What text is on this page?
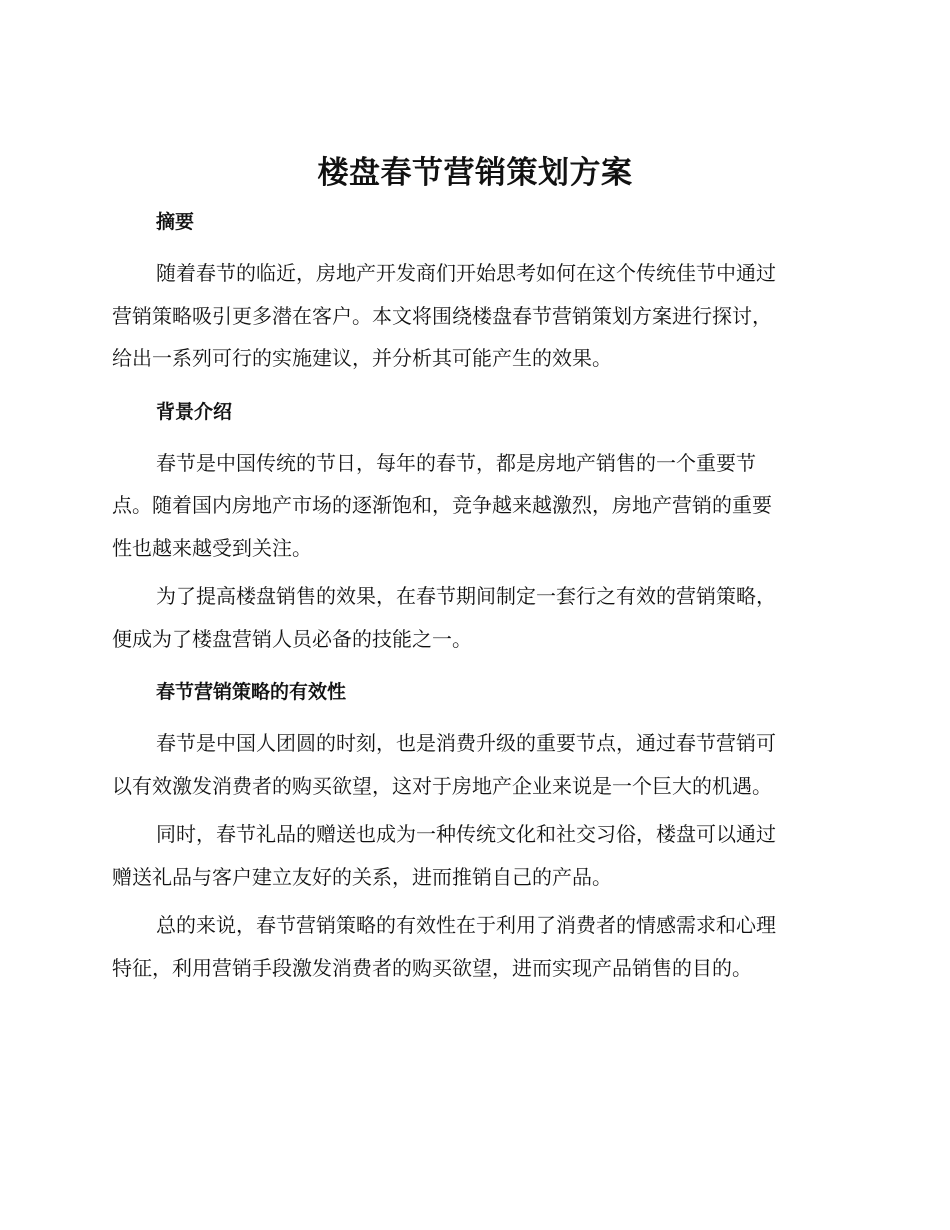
楼盘春节营销策划方案
摘要

随着春节的临近，房地产开发商们开始思考如何在这个传统佳节中通过
营销策略吸引更多潜在客户。本文将围绕楼盘春节营销策划方案进行探讨，
给出一系列可行的实施建议，并分析其可能产生的效果。

背景介绍

春节是中国传统的节日，每年的春节，都是房地产销售的一个重要节
点。随着国内房地产市场的逐渐饱和，竞争越来越激烈，房地产营销的重要
性也越来越受到关注。

为了提高楼盘销售的效果，在春节期间制定一套行之有效的营销策略，
便成为了楼盘营销人员必备的技能之一。

春节营销策略的有效性

春节是中国人团圆的时刻，也是消费升级的重要节点，通过春节营销可
以有效激发消费者的购买欲望，这对于房地产企业来说是一个巨大的机遇。

同时，春节礼品的赠送也成为一种传统文化和社交习俗，楼盘可以通过
赠送礼品与客户建立友好的关系，进而推销自己的产品。

总的来说，春节营销策略的有效性在于利用了消费者的情感需求和心理
特征，利用营销手段激发消费者的购买欲望，进而实现产品销售的目的。
